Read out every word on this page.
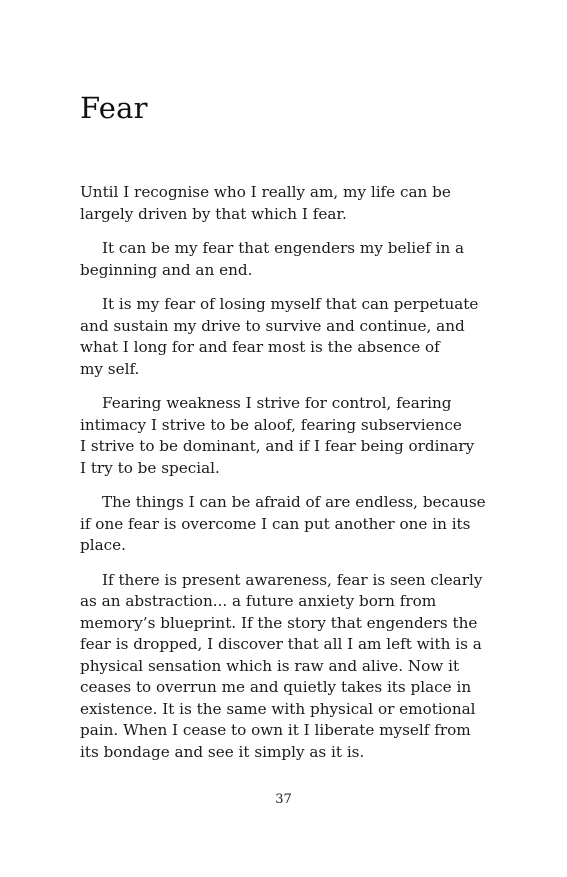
Fear

Until I recognise who I really am, my life can be
largely driven by that which I fear.

It can be my fear that engenders my belief in a
beginning and an end.

It is my fear of losing myself that can perpetuate
and sustain my drive to survive and continue, and
what I long for and fear most is the absence of
my self.

Fearing weakness I strive for control, fearing
intimacy I strive to be aloof, fearing subservience
I strive to be dominant, and if I fear being ordinary
I try to be special.

The things I can be afraid of are endless, because
if one fear is overcome I can put another one in its
place.

If there is present awareness, fear is seen clearly
as an abstraction... a future anxiety born from
memory’s blueprint. If the story that engenders the
fear is dropped, I discover that all I am left with is a
physical sensation which is raw and alive. Now it
ceases to overrun me and quietly takes its place in
existence. It is the same with physical or emotional
pain. When I cease to own it I liberate myself from
its bondage and see it simply as it is.

37
